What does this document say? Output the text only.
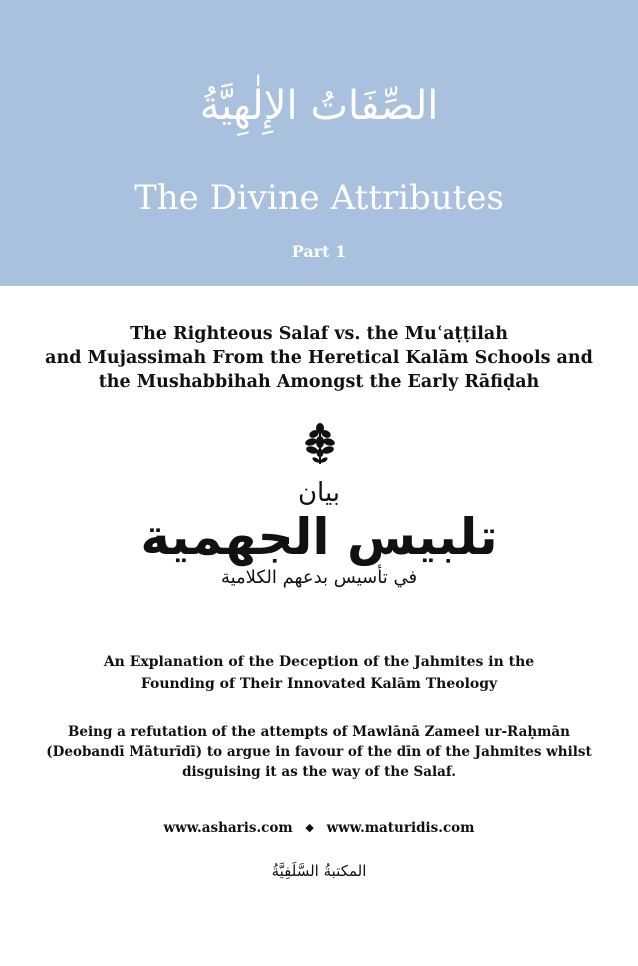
الصِّفَاتُ الإِلٰهِيَّةُ
The Divine Attributes
Part 1
The Righteous Salaf vs. the Muʿaṭṭilah
and Mujassimah From the Heretical Kalām Schools and
the Mushabbihah Amongst the Early Rāfiḍah
بيان
تلبيس الجهمية
في تأسيس بدعهم الكلامية
An Explanation of the Deception of the Jahmites in the
Founding of Their Innovated Kalām Theology
Being a refutation of the attempts of Mawlānā Zameel ur-Raḥmān
(Deobandī Māturīdī) to argue in favour of the dīn of the Jahmites whilst
disguising it as the way of the Salaf.
www.asharis.com ◆ www.maturidis.com
المكتبةُ السَّلَفِيَّةُ
